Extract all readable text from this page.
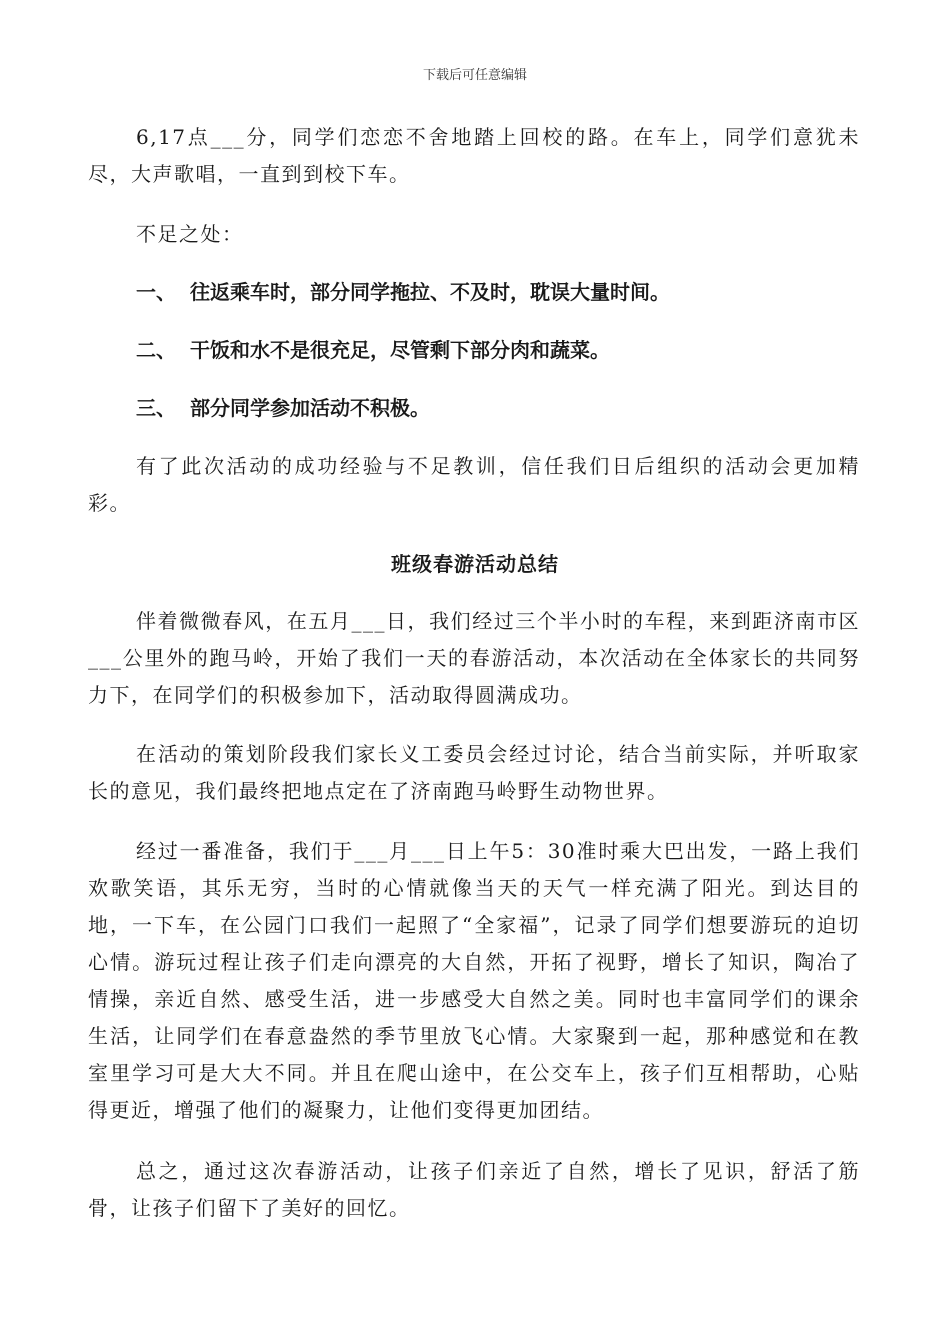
下载后可任意编辑

6,17点___分，同学们恋恋不舍地踏上回校的路。在车上，同学们意犹未尽，大声歌唱，一直到到校下车。

不足之处：

一、 往返乘车时，部分同学拖拉、不及时，耽误大量时间。
二、 干饭和水不是很充足，尽管剩下部分肉和蔬菜。
三、 部分同学参加活动不积极。

有了此次活动的成功经验与不足教训，信任我们日后组织的活动会更加精彩。

班级春游活动总结

伴着微微春风，在五月___日，我们经过三个半小时的车程，来到距济南市区___公里外的跑马岭，开始了我们一天的春游活动，本次活动在全体家长的共同努力下，在同学们的积极参加下，活动取得圆满成功。

在活动的策划阶段我们家长义工委员会经过讨论，结合当前实际，并听取家长的意见，我们最终把地点定在了济南跑马岭野生动物世界。

经过一番准备，我们于___月___日上午5：30准时乘大巴出发，一路上我们欢歌笑语，其乐无穷，当时的心情就像当天的天气一样充满了阳光。到达目的地，一下车，在公园门口我们一起照了“全家福”，记录了同学们想要游玩的迫切心情。游玩过程让孩子们走向漂亮的大自然，开拓了视野，增长了知识，陶冶了情操，亲近自然、感受生活，进一步感受大自然之美。同时也丰富同学们的课余生活，让同学们在春意盎然的季节里放飞心情。大家聚到一起，那种感觉和在教室里学习可是大大不同。并且在爬山途中，在公交车上，孩子们互相帮助，心贴得更近，增强了他们的凝聚力，让他们变得更加团结。

总之，通过这次春游活动，让孩子们亲近了自然，增长了见识，舒活了筋骨，让孩子们留下了美好的回忆。
